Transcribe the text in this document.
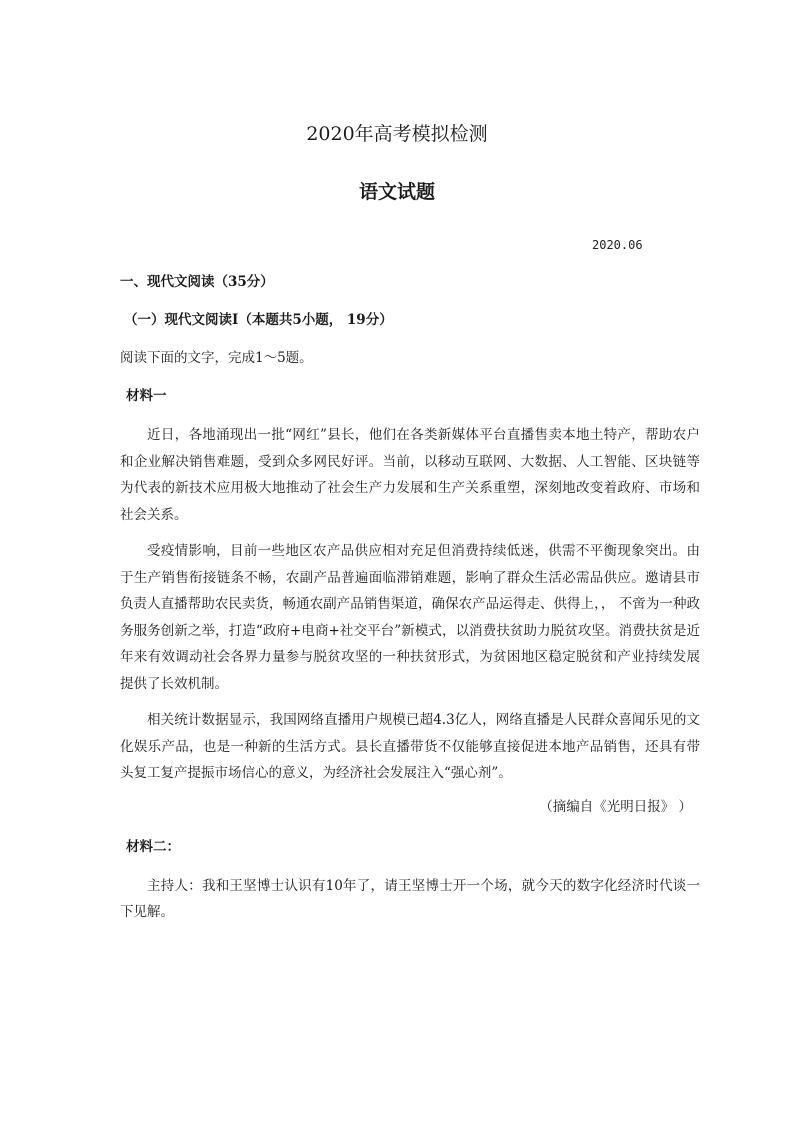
2020年高考模拟检测
语文试题
2020.06
一、现代文阅读（35分）
（一）现代文阅读Ⅰ（本题共5小题， 19分）
阅读下面的文字，完成1～5题。
材料一

近日，各地涌现出一批“网红”县长，他们在各类新媒体平台直播售卖本地土特产，帮助农户和企业解决销售难题，受到众多网民好评。当前，以移动互联网、大数据、人工智能、区块链等为代表的新技术应用极大地推动了社会生产力发展和生产关系重塑，深刻地改变着政府、市场和社会关系。

受疫情影响，目前一些地区农产品供应相对充足但消费持续低迷，供需不平衡现象突出。由于生产销售衔接链条不畅，农副产品普遍面临滞销难题，影响了群众生活必需品供应。邀请县市负责人直播帮助农民卖货，畅通农副产品销售渠道，确保农产品运得走、供得上，， 不啻为一种政务服务创新之举，打造“政府+电商+社交平台”新模式，以消费扶贫助力脱贫攻坚。消费扶贫是近年来有效调动社会各界力量参与脱贫攻坚的一种扶贫形式，为贫困地区稳定脱贫和产业持续发展提供了长效机制。

相关统计数据显示，我国网络直播用户规模已超4.3亿人，网络直播是人民群众喜闻乐见的文化娱乐产品，也是一种新的生活方式。县长直播带货不仅能够直接促进本地产品销售，还具有带头复工复产提振市场信心的意义，为经济社会发展注入“强心剂”。

（摘编自《光明日报》 ）
材料二：

主持人：我和王坚博士认识有10年了，请王坚博士开一个场，就今天的数字化经济时代谈一下见解。
